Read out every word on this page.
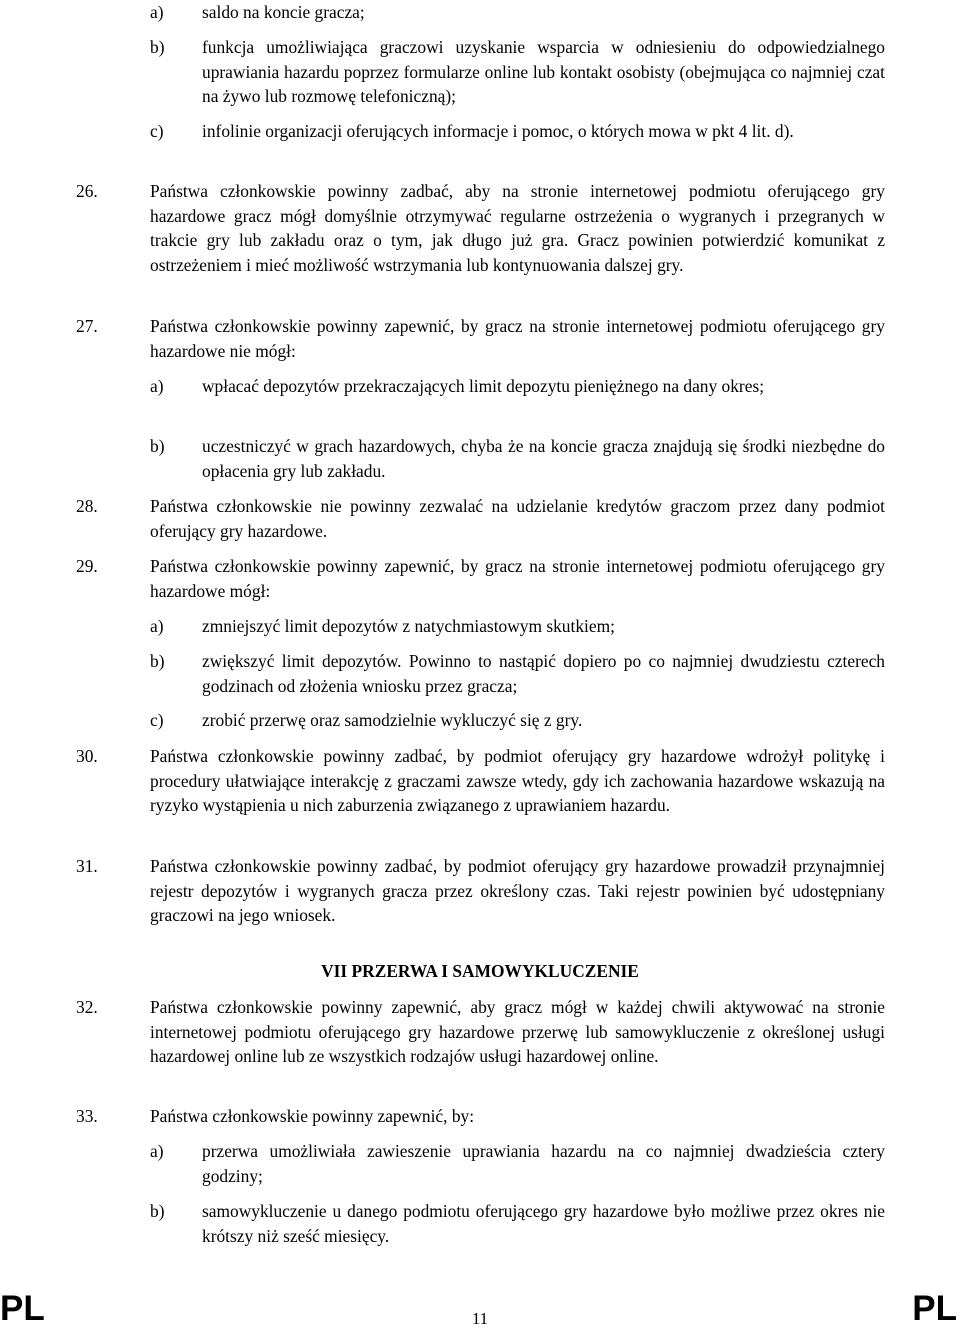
a) saldo na koncie gracza;
b) funkcja umożliwiająca graczowi uzyskanie wsparcia w odniesieniu do odpowiedzialnego uprawiania hazardu poprzez formularze online lub kontakt osobisty (obejmująca co najmniej czat na żywo lub rozmowę telefoniczną);
c) infolinie organizacji oferujących informacje i pomoc, o których mowa w pkt 4 lit. d).
26.	Państwa członkowskie powinny zadbać, aby na stronie internetowej podmiotu oferującego gry hazardowe gracz mógł domyślnie otrzymywać regularne ostrzeżenia o wygranych i przegranych w trakcie gry lub zakładu oraz o tym, jak długo już gra. Gracz powinien potwierdzić komunikat z ostrzeżeniem i mieć możliwość wstrzymania lub kontynuowania dalszej gry.
27.	Państwa członkowskie powinny zapewnić, by gracz na stronie internetowej podmiotu oferującego gry hazardowe nie mógł:
a) wpłacać depozytów przekraczających limit depozytu pieniężnego na dany okres;
b) uczestniczyć w grach hazardowych, chyba że na koncie gracza znajdują się środki niezbędne do opłacenia gry lub zakładu.
28.	Państwa członkowskie nie powinny zezwalać na udzielanie kredytów graczom przez dany podmiot oferujący gry hazardowe.
29.	Państwa członkowskie powinny zapewnić, by gracz na stronie internetowej podmiotu oferującego gry hazardowe mógł:
a) zmniejszyć limit depozytów z natychmiastowym skutkiem;
b) zwiększyć limit depozytów. Powinno to nastąpić dopiero po co najmniej dwudziestu czterech godzinach od złożenia wniosku przez gracza;
c) zrobić przerwę oraz samodzielnie wykluczyć się z gry.
30.	Państwa członkowskie powinny zadbać, by podmiot oferujący gry hazardowe wdrożył politykę i procedury ułatwiające interakcję z graczami zawsze wtedy, gdy ich zachowania hazardowe wskazują na ryzyko wystąpienia u nich zaburzenia związanego z uprawianiem hazardu.
31.	Państwa członkowskie powinny zadbać, by podmiot oferujący gry hazardowe prowadził przynajmniej rejestr depozytów i wygranych gracza przez określony czas. Taki rejestr powinien być udostępniany graczowi na jego wniosek.
VII PRZERWA I SAMOWYKLUCZENIE
32.	Państwa członkowskie powinny zapewnić, aby gracz mógł w każdej chwili aktywować na stronie internetowej podmiotu oferującego gry hazardowe przerwę lub samowykluczenie z określonej usługi hazardowej online lub ze wszystkich rodzajów usługi hazardowej online.
33.	Państwa członkowskie powinny zapewnić, by:
a) przerwa umożliwiała zawieszenie uprawiania hazardu na co najmniej dwadzieścia cztery godziny;
b) samowykluczenie u danego podmiotu oferującego gry hazardowe było możliwe przez okres nie krótszy niż sześć miesięcy.
PL	11	PL
